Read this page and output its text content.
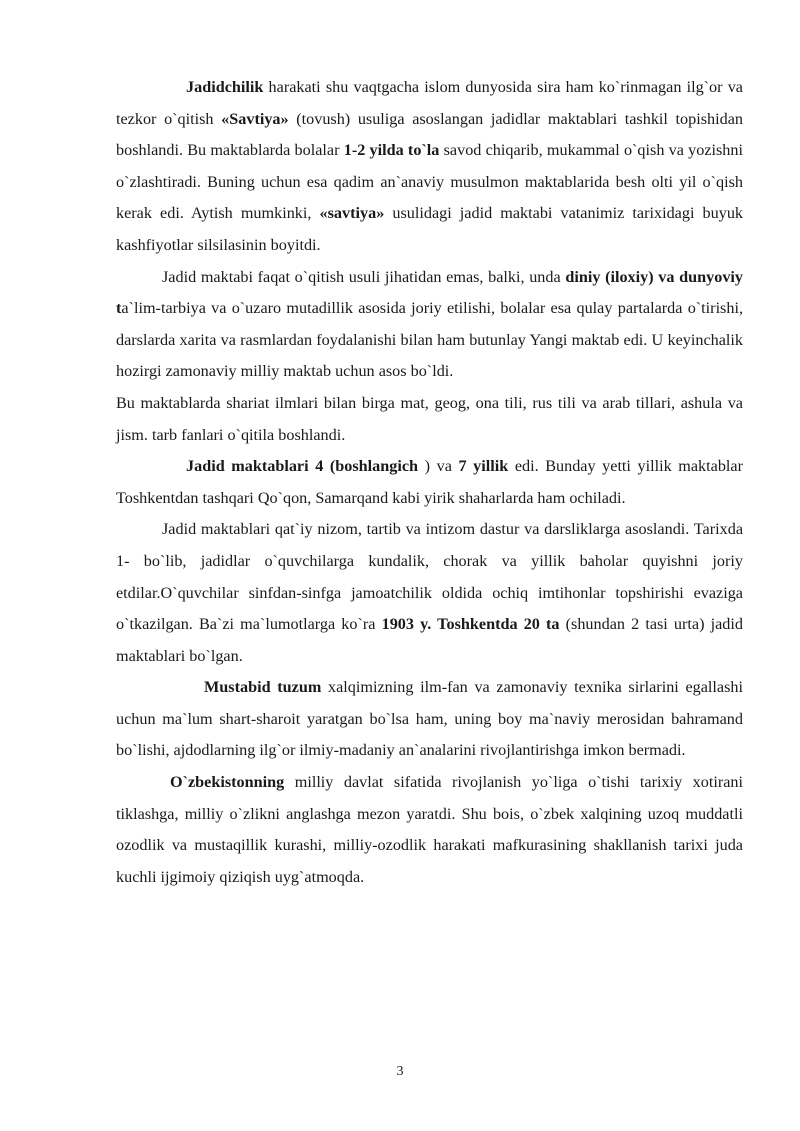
Jadidchilik harakati shu vaqtgacha islom dunyosida sira ham ko`rinmagan ilg`or va tezkor o`qitish «Savtiya» (tovush) usuliga asoslangan jadidlar maktablari tashkil topishidan boshlandi. Bu maktablarda bolalar 1-2 yilda to`la savod chiqarib, mukammal o`qish va yozishni o`zlashtiradi. Buning uchun esa qadim an`anaviy musulmon maktablarida besh olti yil o`qish kerak edi. Aytish mumkinki, «savtiya» usulidagi jadid maktabi vatanimiz tarixidagi buyuk kashfiyotlar silsilasinin boyitdi.

Jadid maktabi faqat o`qitish usuli jihatidan emas, balki, unda diniy (iloxiy) va dunyoviy ta`lim-tarbiya va o`uzaro mutadillik asosida joriy etilishi, bolalar esa qulay partalarda o`tirishi, darslarda xarita va rasmlardan foydalanishi bilan ham butunlay Yangi maktab edi. U keyinchalik hozirgi zamonaviy milliy maktab uchun asos bo`ldi.

Bu maktablarda shariat ilmlari bilan birga mat, geog, ona tili, rus tili va arab tillari, ashula va jism. tarb fanlari o`qitila boshlandi.

Jadid maktablari 4 (boshlangich ) va 7 yillik edi. Bunday yetti yillik maktablar Toshkentdan tashqari Qo`qon, Samarqand kabi yirik shaharlarda ham ochiladi.

Jadid maktablari qat`iy nizom, tartib va intizom dastur va darsliklarga asoslandi. Tarixda 1- bo`lib, jadidlar o`quvchilarga kundalik, chorak va yillik baholar quyishni joriy etdilar.O`quvchilar sinfdan-sinfga jamoatchilik oldida ochiq imtihonlar topshirishi evaziga o`tkazilgan. Ba`zi ma`lumotlarga ko`ra 1903 y. Toshkentda 20 ta (shundan 2 tasi urta) jadid maktablari bo`lgan.

Mustabid tuzum xalqimizning ilm-fan va zamonaviy texnika sirlarini egallashi uchun ma`lum shart-sharoit yaratgan bo`lsa ham, uning boy ma`naviy merosidan bahramand bo`lishi, ajdodlarning ilg`or ilmiy-madaniy an`analarini rivojlantirishga imkon bermadi.

O`zbekistonning milliy davlat sifatida rivojlanish yo`liga o`tishi tarixiy xotirani tiklashga, milliy o`zlikni anglashga mezon yaratdi. Shu bois, o`zbek xalqining uzoq muddatli ozodlik va mustaqillik kurashi, milliy-ozodlik harakati mafkurasining shakllanish tarixi juda kuchli ijgimoiy qiziqish uyg`atmoqda.

3
